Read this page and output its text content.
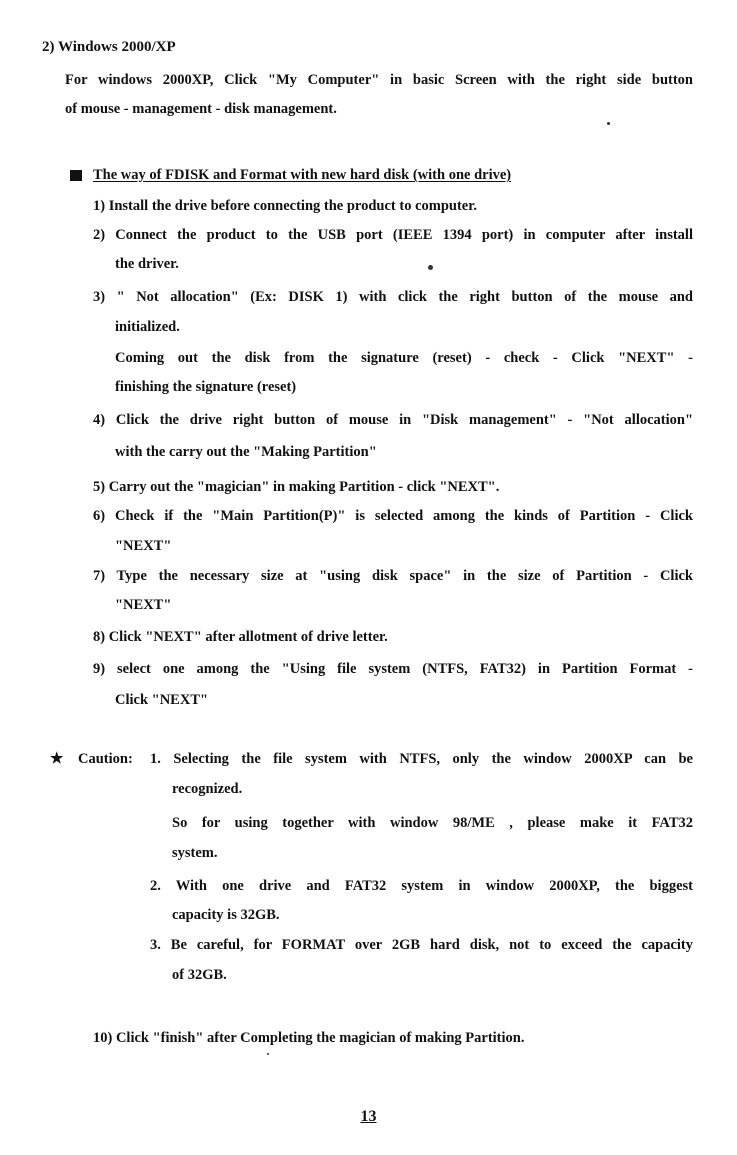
2) Windows 2000/XP
For windows 2000XP, Click "My Computer" in basic Screen with the right side button
of mouse - management - disk management.
The way of FDISK and Format with new hard disk (with one drive)
1) Install the drive before connecting the product to computer.
2) Connect the product to the USB port (IEEE 1394 port) in computer after install
the driver.
3) " Not allocation" (Ex: DISK 1) with click the right button of the mouse and
initialized.
Coming out the disk from the signature (reset) - check - Click "NEXT" -
finishing the signature (reset)
4) Click the drive right button of mouse in "Disk management" - "Not allocation"
with the carry out the "Making Partition"
5) Carry out the "magician" in making Partition - click "NEXT".
6) Check if the "Main Partition(P)" is selected among the kinds of Partition - Click
"NEXT"
7) Type the necessary size at "using disk space" in the size of Partition - Click
"NEXT"
8) Click "NEXT" after allotment of drive letter.
9) select one among the "Using file system (NTFS, FAT32) in Partition Format -
Click "NEXT"
★ Caution: 1. Selecting the file system with NTFS, only the window 2000XP can be
recognized.
So for using together with window 98/ME , please make it FAT32
system.
2. With one drive and FAT32 system in window 2000XP, the biggest
capacity is 32GB.
3. Be careful, for FORMAT over 2GB hard disk, not to exceed the capacity
of 32GB.
10) Click "finish" after Completing the magician of making Partition.
13
